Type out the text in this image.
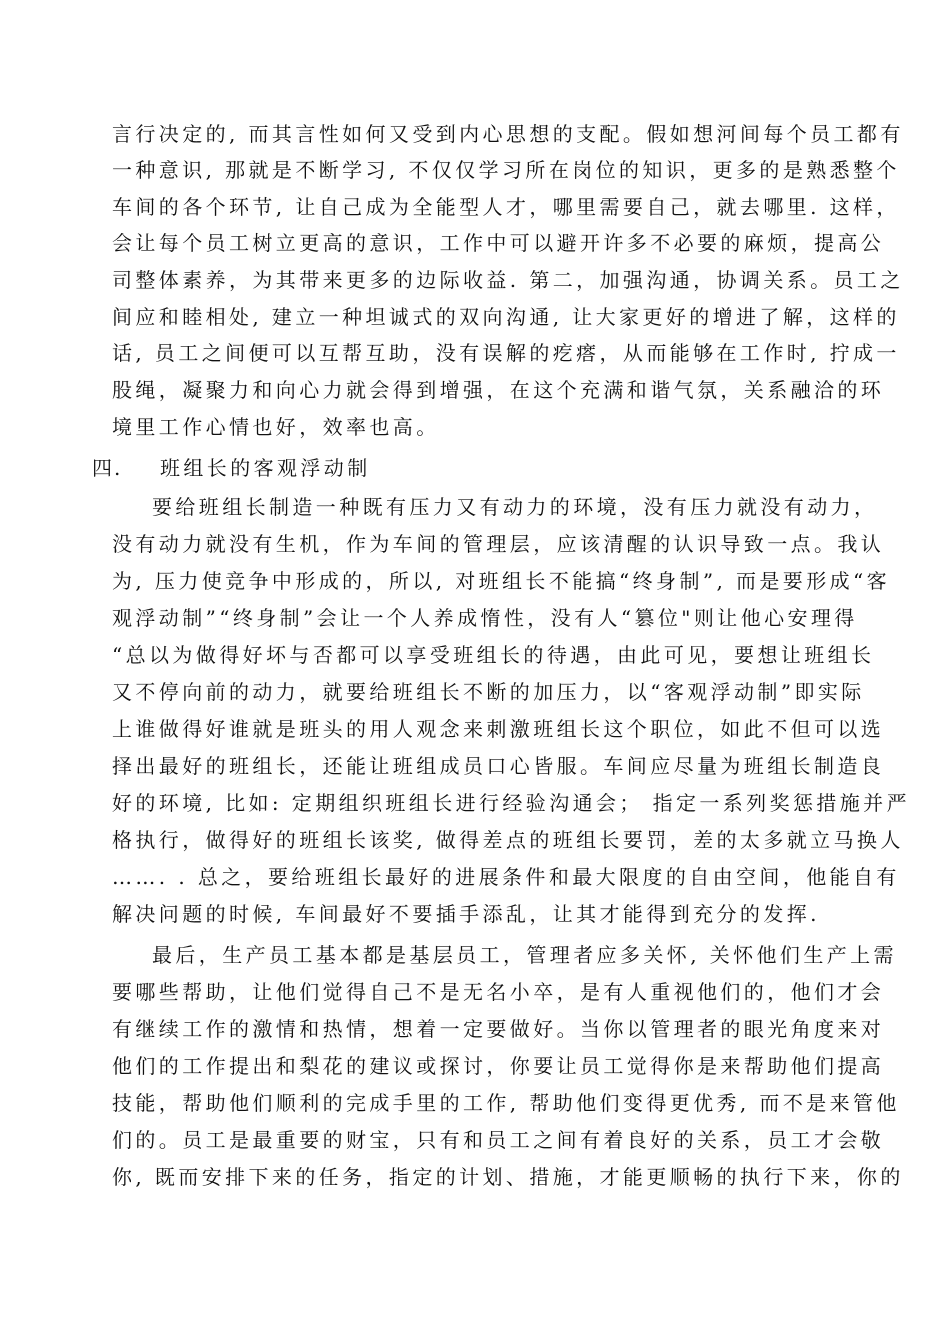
言行决定的, 而其言性如何又受到内心思想的支配。假如想河间每个员工都有
一种意识, 那就是不断学习, 不仅仅学习所在岗位的知识，更多的是熟悉整个
车间的各个环节, 让自己成为全能型人才，哪里需要自己，就去哪里. 这样，
会让每个员工树立更高的意识，工作中可以避开许多不必要的麻烦，提高公
司整体素养，为其带来更多的边际收益. 第二，加强沟通，协调关系。员工之
间应和睦相处, 建立一种坦诚式的双向沟通, 让大家更好的增进了解，这样的
话, 员工之间便可以互帮互助，没有误解的疙瘩，从而能够在工作时, 拧成一
股绳，凝聚力和向心力就会得到增强，在这个充满和谐气氛，关系融洽的环
境里工作心情也好，效率也高。
四. 班组长的客观浮动制
要给班组长制造一种既有压力又有动力的环境，没有压力就没有动力，
没有动力就没有生机，作为车间的管理层，应该清醒的认识导致一点。我认
为, 压力使竞争中形成的，所以, 对班组长不能搞“终身制”, 而是要形成“客
观浮动制”“终身制”会让一个人养成惰性，没有人“篡位"则让他心安理得
“总以为做得好坏与否都可以享受班组长的待遇，由此可见，要想让班组长
又不停向前的动力，就要给班组长不断的加压力，以“客观浮动制”即实际
上谁做得好谁就是班头的用人观念来刺激班组长这个职位，如此不但可以选
择出最好的班组长，还能让班组成员口心皆服。车间应尽量为班组长制造良
好的环境, 比如: 定期组织班组长进行经验沟通会； 指定一系列奖惩措施并严
格执行，做得好的班组长该奖, 做得差点的班组长要罚，差的太多就立马换人
……. . 总之，要给班组长最好的进展条件和最大限度的自由空间，他能自有
解决问题的时候, 车间最好不要插手添乱，让其才能得到充分的发挥.
最后，生产员工基本都是基层员工，管理者应多关怀, 关怀他们生产上需
要哪些帮助，让他们觉得自己不是无名小卒，是有人重视他们的，他们才会
有继续工作的激情和热情，想着一定要做好。当你以管理者的眼光角度来对
他们的工作提出和梨花的建议或探讨，你要让员工觉得你是来帮助他们提高
技能，帮助他们顺利的完成手里的工作, 帮助他们变得更优秀, 而不是来管他
们的。员工是最重要的财宝，只有和员工之间有着良好的关系，员工才会敬
你, 既而安排下来的任务，指定的计划、措施，才能更顺畅的执行下来，你的
